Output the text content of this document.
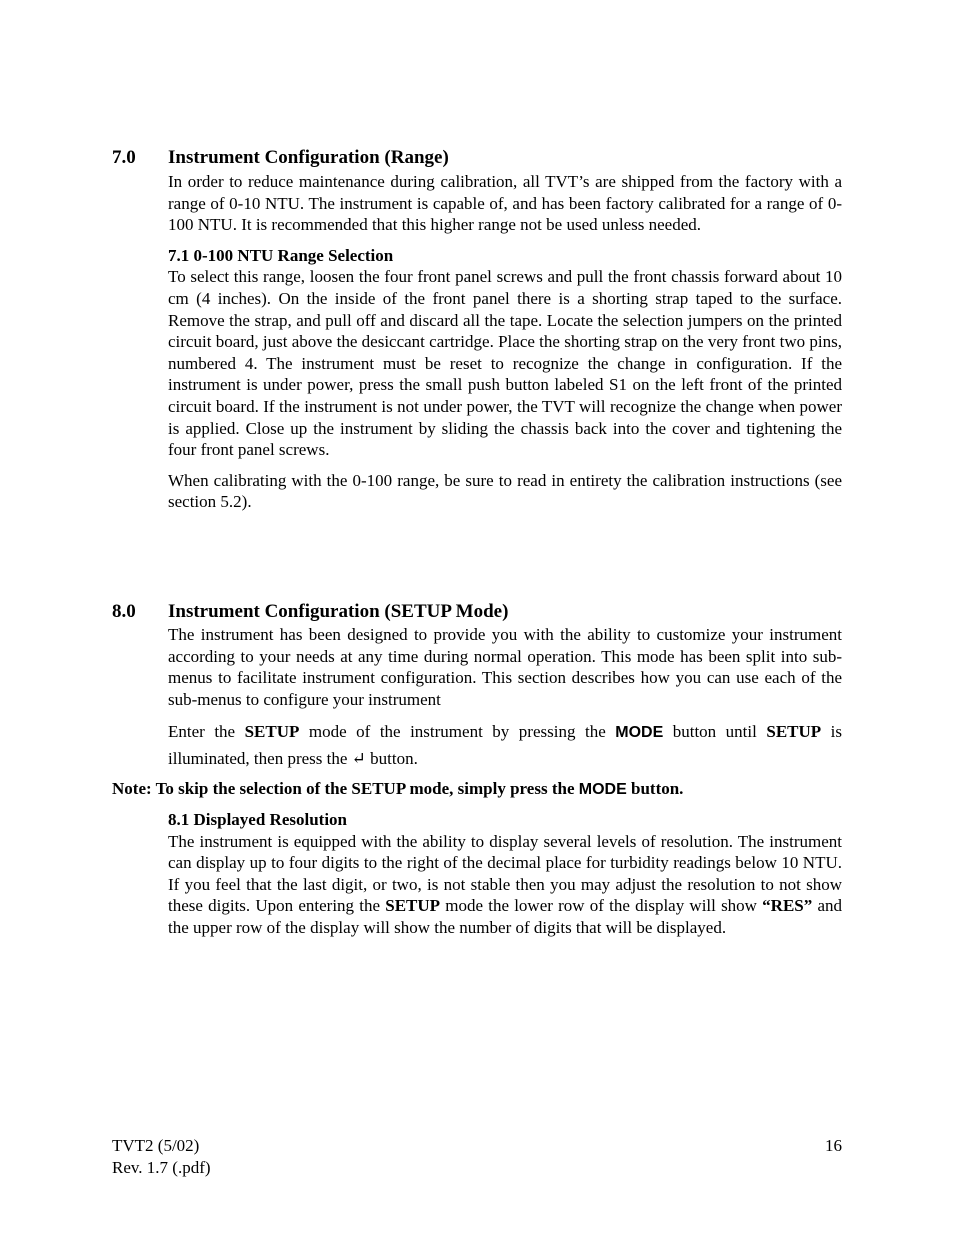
7.0 Instrument Configuration (Range)

In order to reduce maintenance during calibration, all TVT’s are shipped from the factory with a range of 0-10 NTU. The instrument is capable of, and has been factory calibrated for a range of 0-100 NTU. It is recommended that this higher range not be used unless needed.

7.1 0-100 NTU Range Selection

To select this range, loosen the four front panel screws and pull the front chassis forward about 10 cm (4 inches). On the inside of the front panel there is a shorting strap taped to the surface. Remove the strap, and pull off and discard all the tape. Locate the selection jumpers on the printed circuit board, just above the desiccant cartridge. Place the shorting strap on the very front two pins, numbered 4. The instrument must be reset to recognize the change in configuration. If the instrument is under power, press the small push button labeled S1 on the left front of the printed circuit board. If the instrument is not under power, the TVT will recognize the change when power is applied. Close up the instrument by sliding the chassis back into the cover and tightening the four front panel screws.

When calibrating with the 0-100 range, be sure to read in entirety the calibration instructions (see section 5.2).

8.0 Instrument Configuration (SETUP Mode)

The instrument has been designed to provide you with the ability to customize your instrument according to your needs at any time during normal operation. This mode has been split into sub-menus to facilitate instrument configuration. This section describes how you can use each of the sub-menus to configure your instrument

Enter the SETUP mode of the instrument by pressing the MODE button until SETUP is illuminated, then press the ↵ button.

Note: To skip the selection of the SETUP mode, simply press the MODE button.

8.1 Displayed Resolution

The instrument is equipped with the ability to display several levels of resolution. The instrument can display up to four digits to the right of the decimal place for turbidity readings below 10 NTU. If you feel that the last digit, or two, is not stable then you may adjust the resolution to not show these digits. Upon entering the SETUP mode the lower row of the display will show “RES” and the upper row of the display will show the number of digits that will be displayed.

TVT2 (5/02)
Rev. 1.7 (.pdf)
16
